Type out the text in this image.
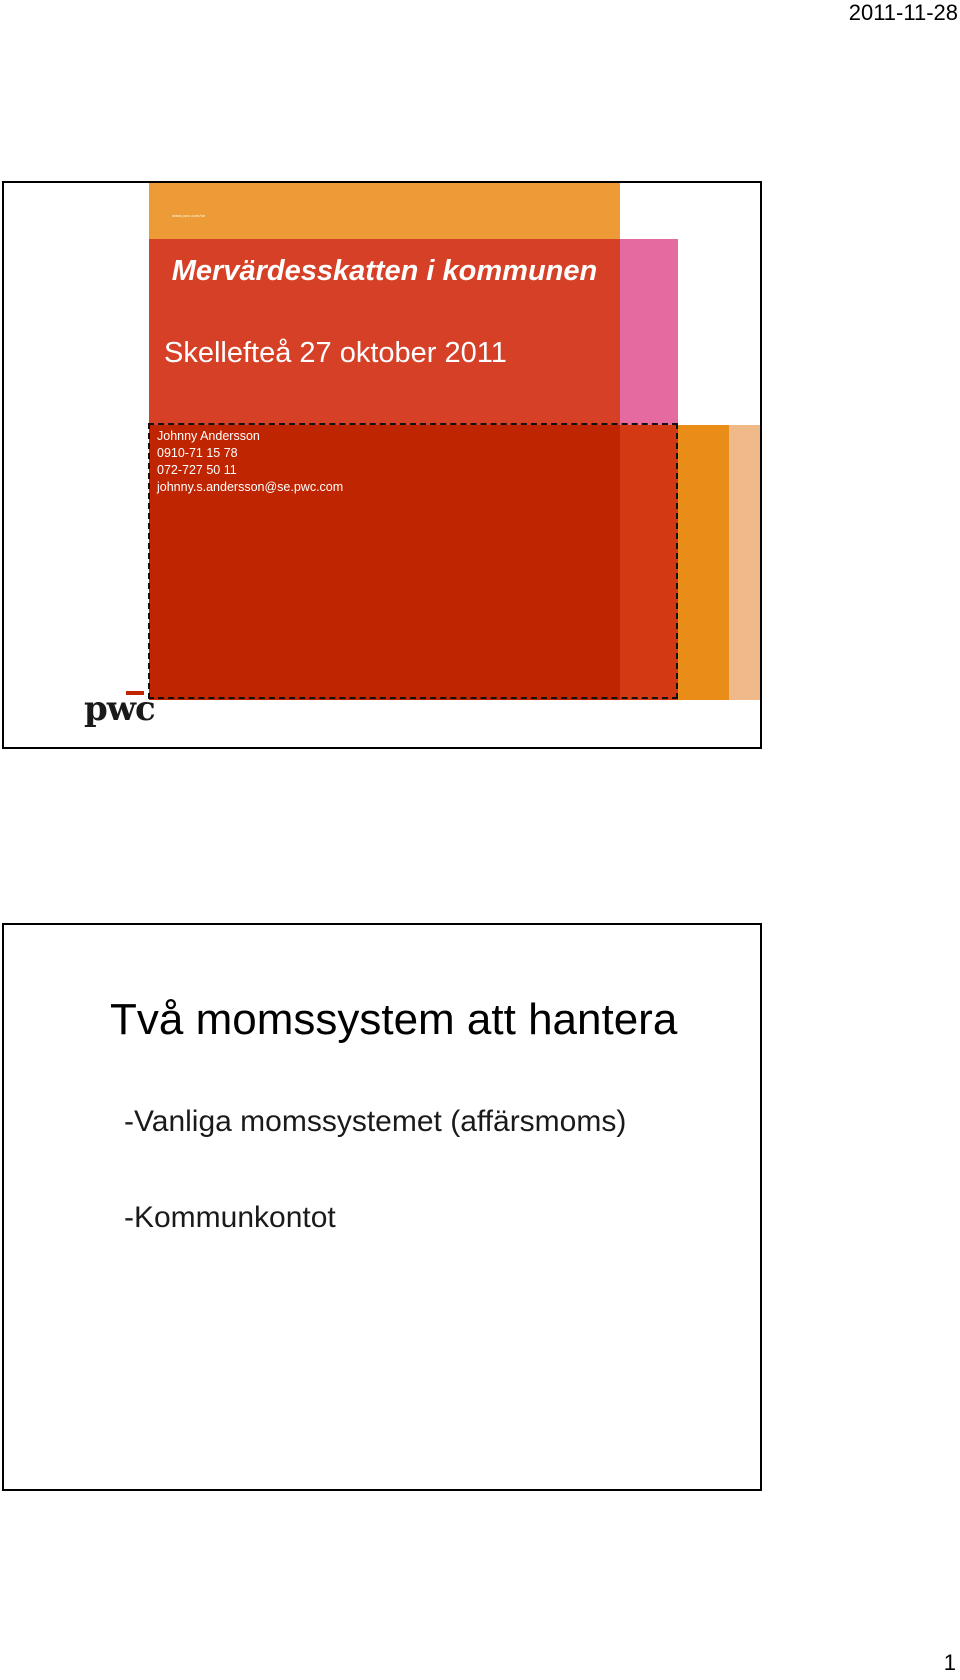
2011-11-28
www.pwc.com/se
Mervärdesskatten i kommunen
Skellefteå 27 oktober 2011
Johnny Andersson
0910-71 15 78
072-727 50 11
johnny.s.andersson@se.pwc.com
pwc
Två momssystem att hantera
-Vanliga momssystemet (affärsmoms)
-Kommunkontot
1
